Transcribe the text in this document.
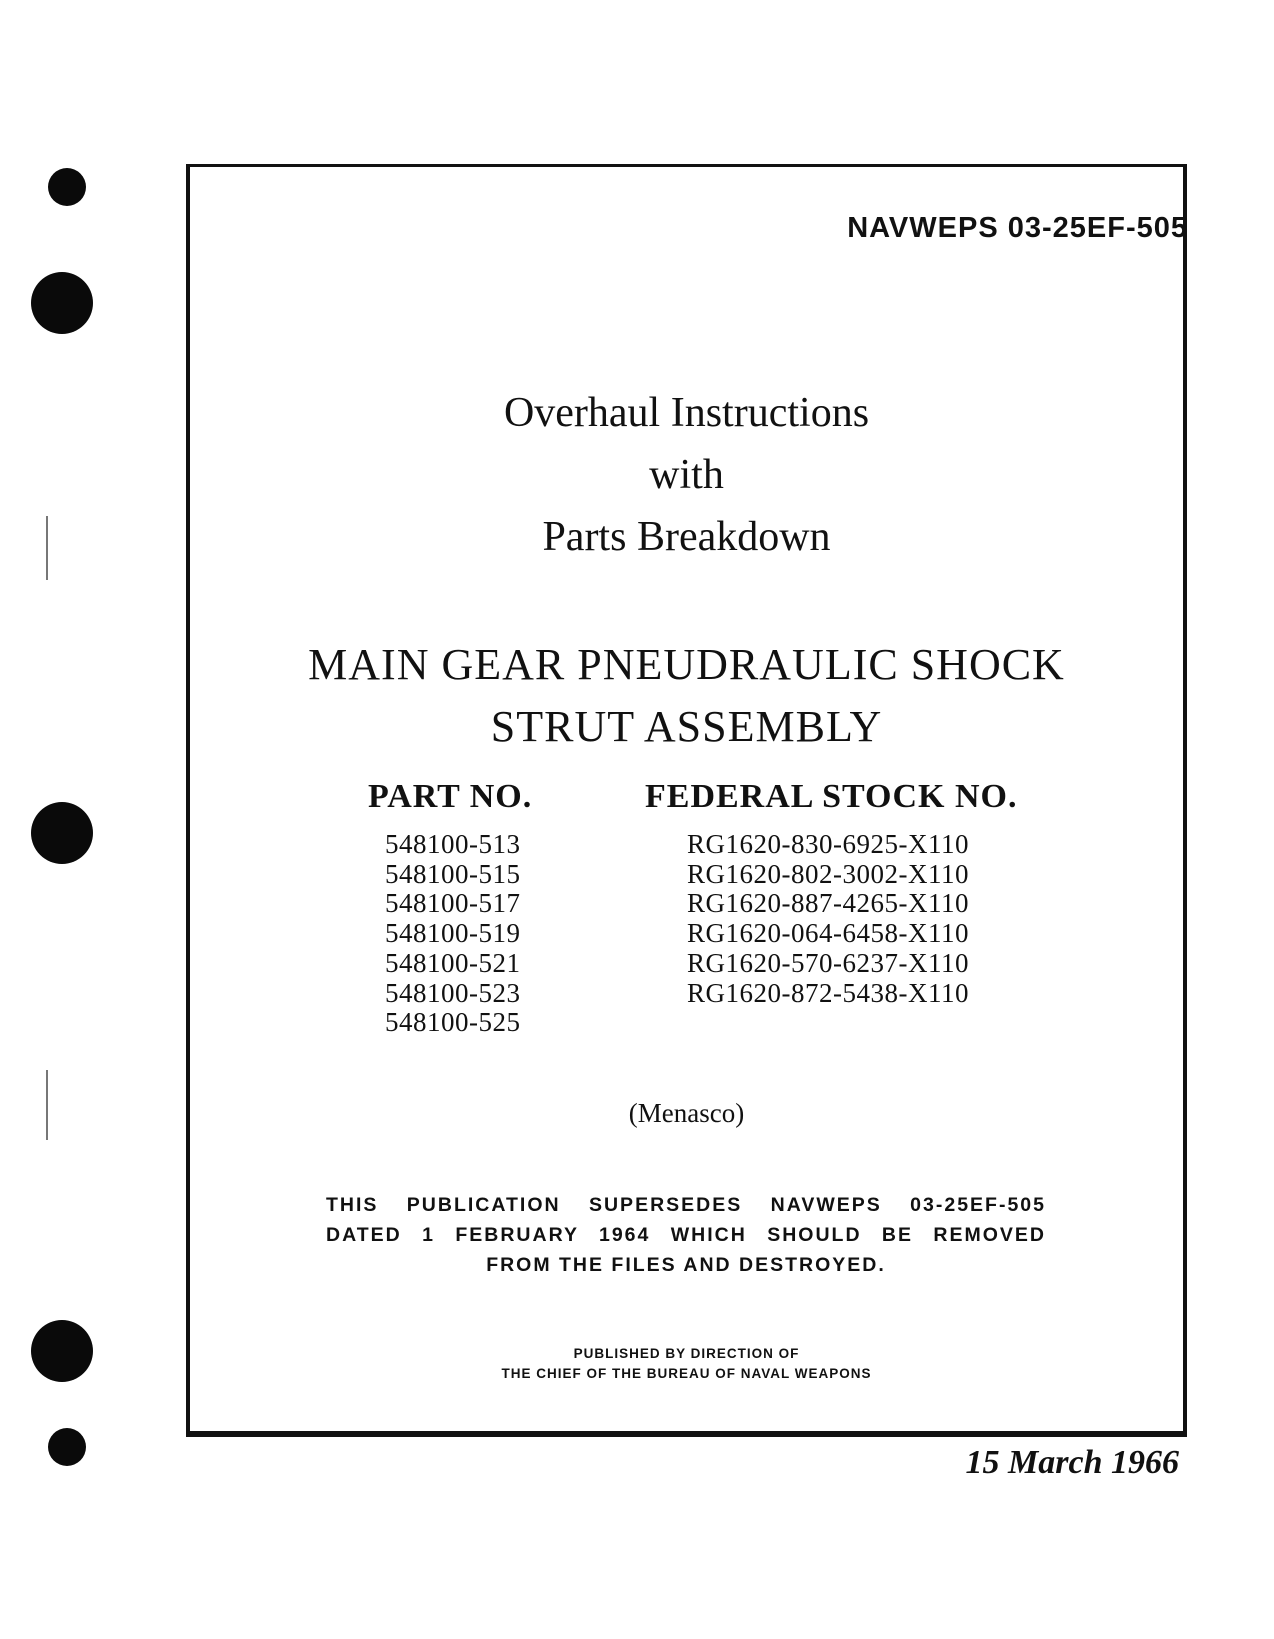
NAVWEPS 03-25EF-505
Overhaul Instructions
with
Parts Breakdown
MAIN GEAR PNEUDRAULIC SHOCK
STRUT ASSEMBLY
PART NO.	FEDERAL STOCK NO.
548100-513
548100-515
548100-517
548100-519
548100-521
548100-523
548100-525
RG1620-830-6925-X110
RG1620-802-3002-X110
RG1620-887-4265-X110
RG1620-064-6458-X110
RG1620-570-6237-X110
RG1620-872-5438-X110
(Menasco)
THIS PUBLICATION SUPERSEDES NAVWEPS 03-25EF-505
DATED 1 FEBRUARY 1964 WHICH SHOULD BE REMOVED
FROM THE FILES AND DESTROYED.
PUBLISHED BY DIRECTION OF
THE CHIEF OF THE BUREAU OF NAVAL WEAPONS
15 March 1966
